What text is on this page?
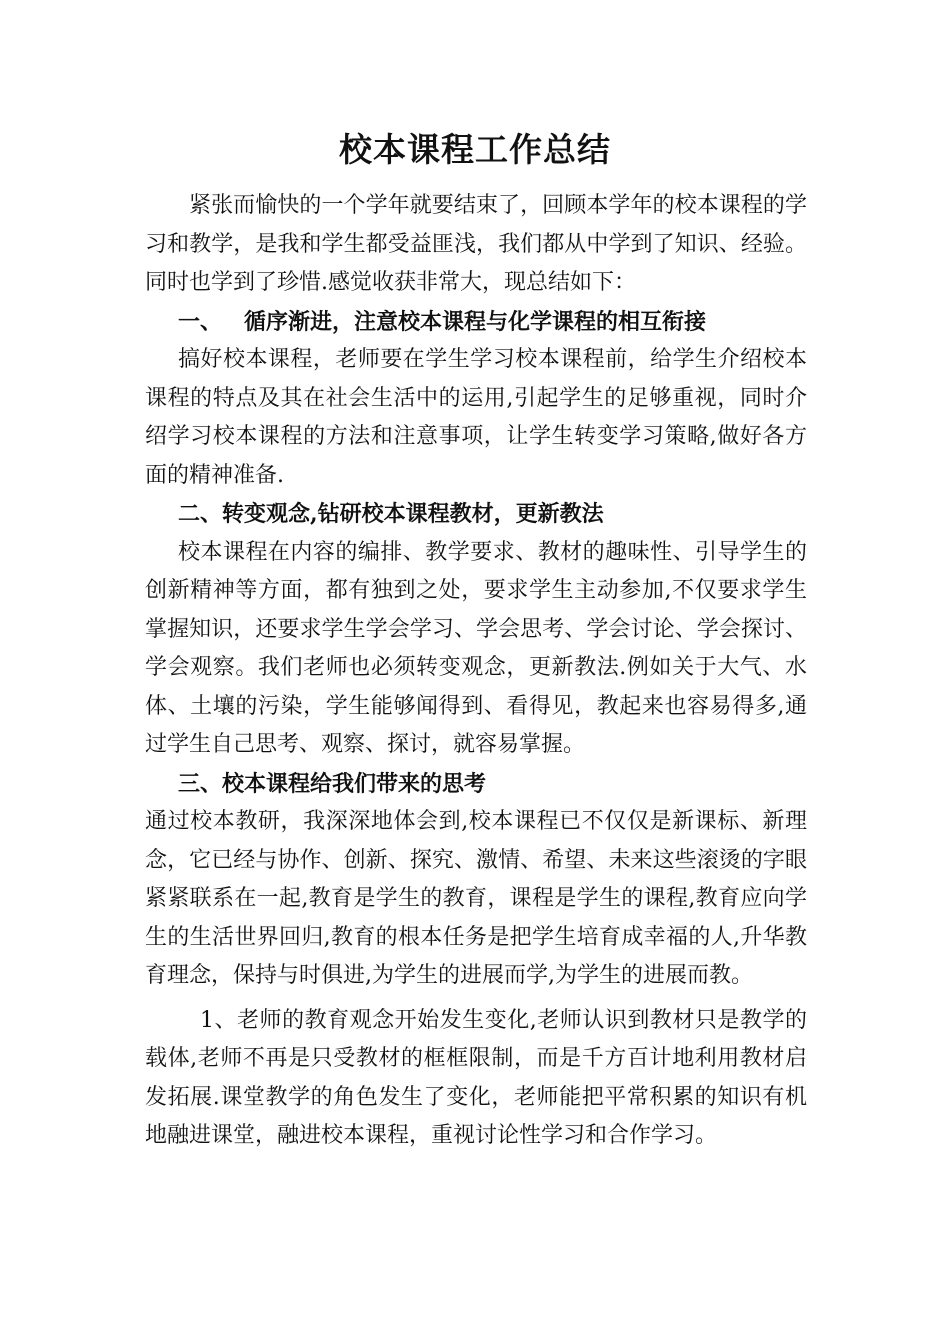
校本课程工作总结

紧张而愉快的一个学年就要结束了，回顾本学年的校本课程的学习和教学，是我和学生都受益匪浅，我们都从中学到了知识、经验。同时也学到了珍惜.感觉收获非常大，现总结如下：

一、 循序渐进，注意校本课程与化学课程的相互衔接

搞好校本课程，老师要在学生学习校本课程前，给学生介绍校本课程的特点及其在社会生活中的运用,引起学生的足够重视，同时介绍学习校本课程的方法和注意事项，让学生转变学习策略,做好各方面的精神准备.

二、转变观念,钻研校本课程教材，更新教法

校本课程在内容的编排、教学要求、教材的趣味性、引导学生的创新精神等方面，都有独到之处，要求学生主动参加,不仅要求学生掌握知识，还要求学生学会学习、学会思考、学会讨论、学会探讨、学会观察。我们老师也必须转变观念，更新教法.例如关于大气、水体、土壤的污染，学生能够闻得到、看得见，教起来也容易得多,通过学生自己思考、观察、探讨，就容易掌握。

三、校本课程给我们带来的思考

通过校本教研，我深深地体会到,校本课程已不仅仅是新课标、新理念，它已经与协作、创新、探究、激情、希望、未来这些滚烫的字眼紧紧联系在一起,教育是学生的教育，课程是学生的课程,教育应向学生的生活世界回归,教育的根本任务是把学生培育成幸福的人,升华教育理念，保持与时俱进,为学生的进展而学,为学生的进展而教。

1、老师的教育观念开始发生变化,老师认识到教材只是教学的载体,老师不再是只受教材的框框限制，而是千方百计地利用教材启发拓展.课堂教学的角色发生了变化，老师能把平常积累的知识有机地融进课堂，融进校本课程，重视讨论性学习和合作学习。
